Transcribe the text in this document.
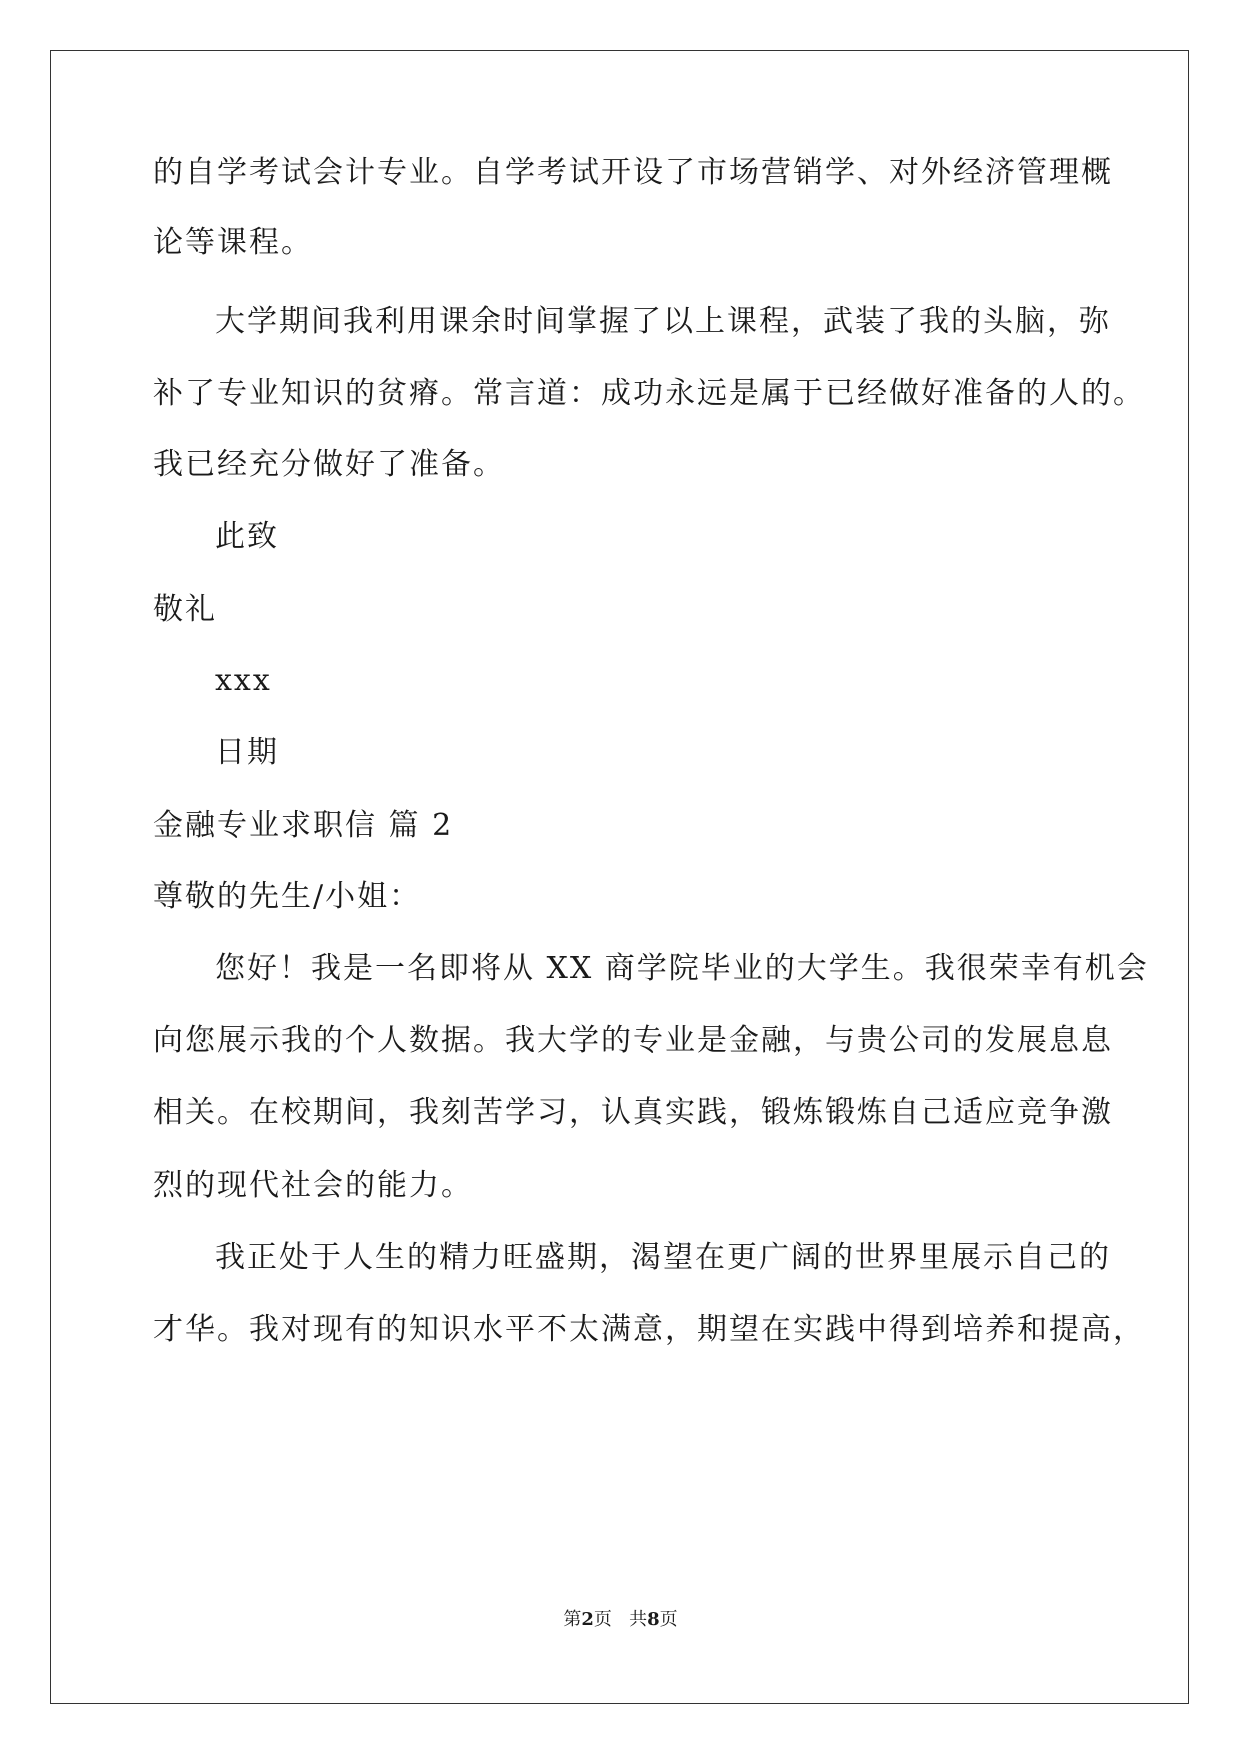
的自学考试会计专业。自学考试开设了市场营销学、对外经济管理概
论等课程。
大学期间我利用课余时间掌握了以上课程，武装了我的头脑，弥
补了专业知识的贫瘠。常言道：成功永远是属于已经做好准备的人的。
我已经充分做好了准备。
此致
敬礼
xxx
日期
金融专业求职信 篇 2
尊敬的先生/小姐：
您好！我是一名即将从 XX 商学院毕业的大学生。我很荣幸有机会
向您展示我的个人数据。我大学的专业是金融，与贵公司的发展息息
相关。在校期间，我刻苦学习，认真实践，锻炼锻炼自己适应竞争激
烈的现代社会的能力。
我正处于人生的精力旺盛期，渴望在更广阔的世界里展示自己的
才华。我对现有的知识水平不太满意，期望在实践中得到培养和提高，
第2页   共8页
